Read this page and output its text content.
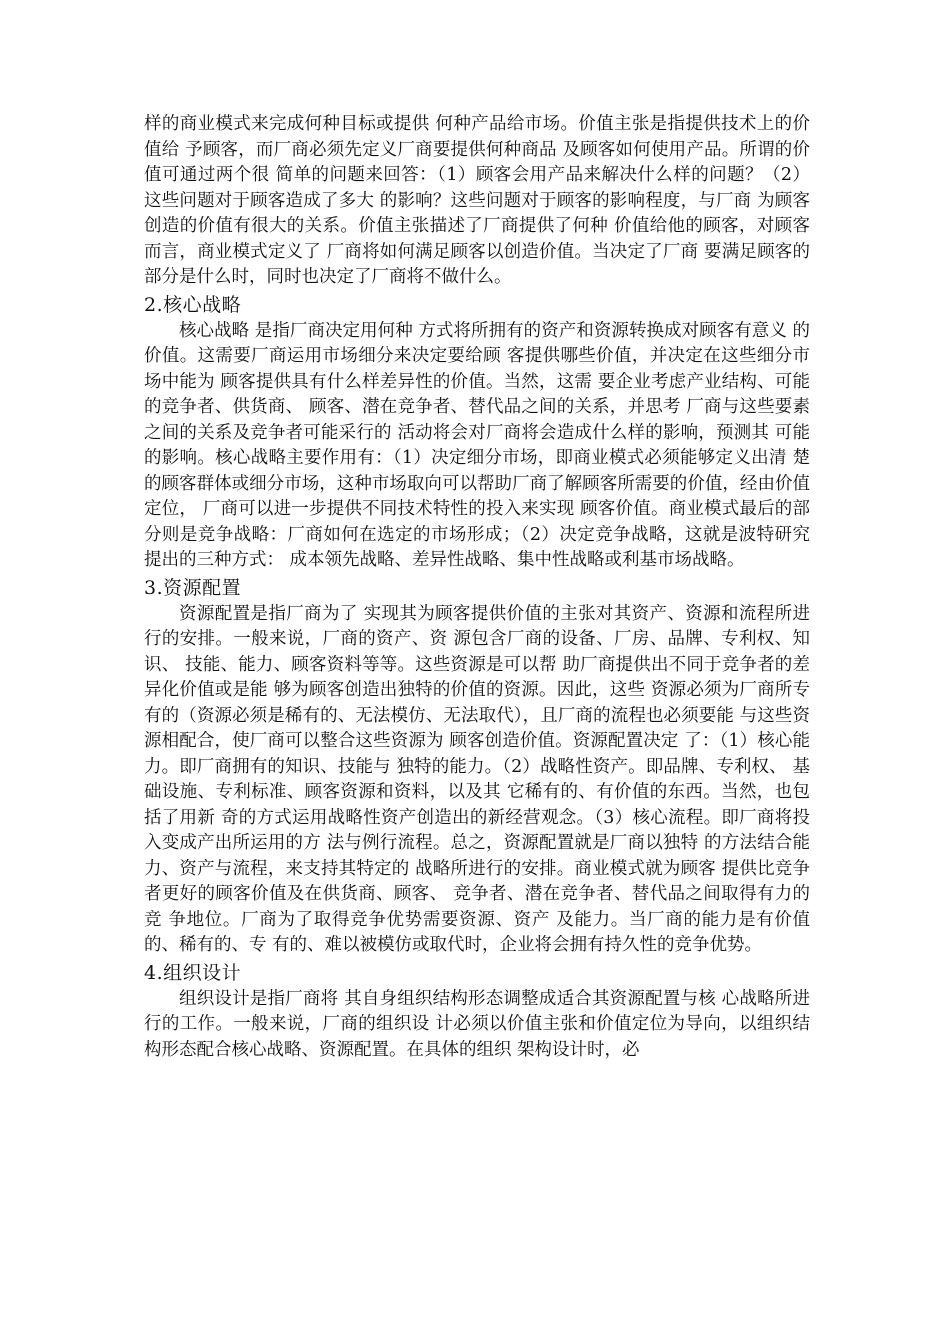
样的商业模式来完成何种目标或提供 何种产品给市场。价值主张是指提供技术上的价值给 予顾客，而厂商必须先定义厂商要提供何种商品 及顾客如何使用产品。所谓的价值可通过两个很 简单的问题来回答：（1）顾客会用产品来解决什么样的问题？（2）这些问题对于顾客造成了多大 的影响？这些问题对于顾客的影响程度，与厂商 为顾客创造的价值有很大的关系。价值主张描述了厂商提供了何种 价值给他的顾客，对顾客而言，商业模式定义了 厂商将如何满足顾客以创造价值。当决定了厂商 要满足顾客的部分是什么时，同时也决定了厂商将不做什么。

2.核心战略

核心战略 是指厂商决定用何种 方式将所拥有的资产和资源转换成对顾客有意义 的价值。这需要厂商运用市场细分来决定要给顾 客提供哪些价值，并决定在这些细分市场中能为 顾客提供具有什么样差异性的价值。当然，这需 要企业考虑产业结构、可能的竞争者、供货商、 顾客、潜在竞争者、替代品之间的关系，并思考 厂商与这些要素之间的关系及竞争者可能采行的 活动将会对厂商将会造成什么样的影响，预测其 可能的影响。核心战略主要作用有：（1）决定细分市场，即商业模式必须能够定义出清 楚的顾客群体或细分市场，这种市场取向可以帮助厂商了解顾客所需要的价值，经由价值定位， 厂商可以进一步提供不同技术特性的投入来实现 顾客价值。商业模式最后的部分则是竞争战略：厂商如何在选定的市场形成；（2）决定竞争战略，这就是波特研究提出的三种方式： 成本领先战略、差异性战略、集中性战略或利基市场战略。

3.资源配置

资源配置是指厂商为了 实现其为顾客提供价值的主张对其资产、资源和流程所进行的安排。一般来说，厂商的资产、资 源包含厂商的设备、厂房、品牌、专利权、知识、 技能、能力、顾客资料等等。这些资源是可以帮 助厂商提供出不同于竞争者的差异化价值或是能 够为顾客创造出独特的价值的资源。因此，这些 资源必须为厂商所专有的（资源必须是稀有的、无法模仿、无法取代），且厂商的流程也必须要能 与这些资源相配合，使厂商可以整合这些资源为 顾客创造价值。资源配置决定 了：（1）核心能力。即厂商拥有的知识、技能与 独特的能力。（2）战略性资产。即品牌、专利权、 基础设施、专利标准、顾客资源和资料，以及其 它稀有的、有价值的东西。当然，也包括了用新 奇的方式运用战略性资产创造出的新经营观念。（3）核心流程。即厂商将投入变成产出所运用的方 法与例行流程。总之，资源配置就是厂商以独特 的方法结合能力、资产与流程，来支持其特定的 战略所进行的安排。商业模式就为顾客 提供比竞争者更好的顾客价值及在供货商、顾客、 竞争者、潜在竞争者、替代品之间取得有力的竞 争地位。厂商为了取得竞争优势需要资源、资产 及能力。当厂商的能力是有价值的、稀有的、专 有的、难以被模仿或取代时，企业将会拥有持久性的竞争优势。

4.组织设计

组织设计是指厂商将 其自身组织结构形态调整成适合其资源配置与核 心战略所进行的工作。一般来说，厂商的组织设 计必须以价值主张和价值定位为导向，以组织结 构形态配合核心战略、资源配置。在具体的组织 架构设计时，必
